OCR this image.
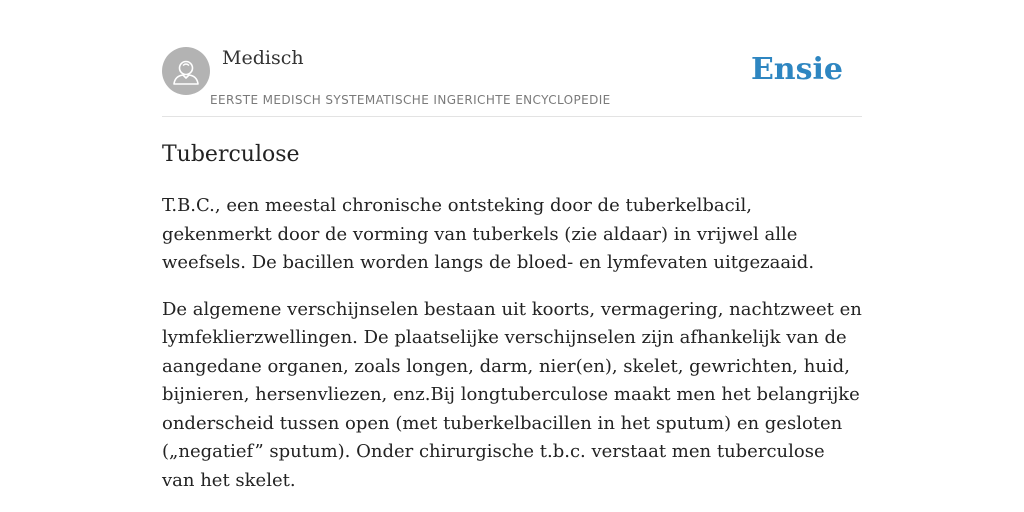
Medisch
EERSTE MEDISCH SYSTEMATISCHE INGERICHTE ENCYCLOPEDIE
Ensie
Tuberculose

T.B.C., een meestal chronische ontsteking door de tuberkelbacil, gekenmerkt door de vorming van tuberkels (zie aldaar) in vrijwel alle weefsels. De bacillen worden langs de bloed- en lymfevaten uitgezaaid.

De algemene verschijnselen bestaan uit koorts, vermagering, nachtzweet en lymfeklierzwellingen. De plaatselijke verschijnselen zijn afhankelijk van de aangedane organen, zoals longen, darm, nier(en), skelet, gewrichten, huid, bijnieren, hersenvliezen, enz.Bij longtuberculose maakt men het belangrijke onderscheid tussen open (met tuberkelbacillen in het sputum) en gesloten („negatief” sputum). Onder chirurgische t.b.c. verstaat men tuberculose van het skelet.
